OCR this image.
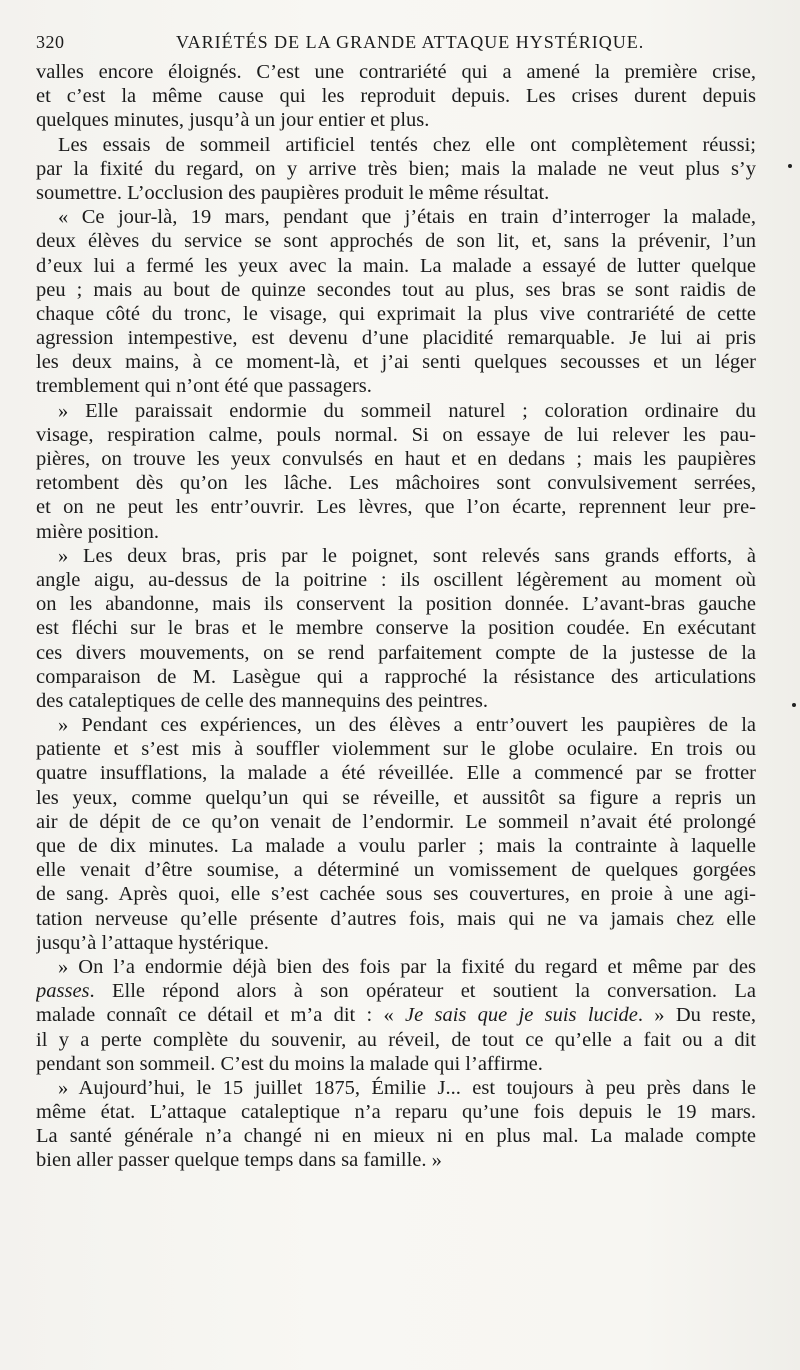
320	VARIÉTÉS DE LA GRANDE ATTAQUE HYSTÉRIQUE.
valles encore éloignés. C’est une contrariété qui a amené la première crise,
et c’est la même cause qui les reproduit depuis. Les crises durent depuis
quelques minutes, jusqu’à un jour entier et plus.
Les essais de sommeil artificiel tentés chez elle ont complètement réussi;
par la fixité du regard, on y arrive très bien; mais la malade ne veut plus s’y
soumettre. L’occlusion des paupières produit le même résultat.
« Ce jour-là, 19 mars, pendant que j’étais en train d’interroger la malade,
deux élèves du service se sont approchés de son lit, et, sans la prévenir, l’un
d’eux lui a fermé les yeux avec la main. La malade a essayé de lutter quelque
peu ; mais au bout de quinze secondes tout au plus, ses bras se sont raidis de
chaque côté du tronc, le visage, qui exprimait la plus vive contrariété de cette
agression intempestive, est devenu d’une placidité remarquable. Je lui ai pris
les deux mains, à ce moment-là, et j’ai senti quelques secousses et un léger
tremblement qui n’ont été que passagers.
» Elle paraissait endormie du sommeil naturel ; coloration ordinaire du
visage, respiration calme, pouls normal. Si on essaye de lui relever les pau-
pières, on trouve les yeux convulsés en haut et en dedans ; mais les paupières
retombent dès qu’on les lâche. Les mâchoires sont convulsivement serrées,
et on ne peut les entr’ouvrir. Les lèvres, que l’on écarte, reprennent leur pre-
mière position.
» Les deux bras, pris par le poignet, sont relevés sans grands efforts, à
angle aigu, au-dessus de la poitrine : ils oscillent légèrement au moment où
on les abandonne, mais ils conservent la position donnée. L’avant-bras gauche
est fléchi sur le bras et le membre conserve la position coudée. En exécutant
ces divers mouvements, on se rend parfaitement compte de la justesse de la
comparaison de M. Lasègue qui a rapproché la résistance des articulations
des cataleptiques de celle des mannequins des peintres.
» Pendant ces expériences, un des élèves a entr’ouvert les paupières de la
patiente et s’est mis à souffler violemment sur le globe oculaire. En trois ou
quatre insufflations, la malade a été réveillée. Elle a commencé par se frotter
les yeux, comme quelqu’un qui se réveille, et aussitôt sa figure a repris un
air de dépit de ce qu’on venait de l’endormir. Le sommeil n’avait été prolongé
que de dix minutes. La malade a voulu parler ; mais la contrainte à laquelle
elle venait d’être soumise, a déterminé un vomissement de quelques gorgées
de sang. Après quoi, elle s’est cachée sous ses couvertures, en proie à une agi-
tation nerveuse qu’elle présente d’autres fois, mais qui ne va jamais chez elle
jusqu’à l’attaque hystérique.
» On l’a endormie déjà bien des fois par la fixité du regard et même par des
passes. Elle répond alors à son opérateur et soutient la conversation. La
malade connaît ce détail et m’a dit : « Je sais que je suis lucide. » Du reste,
il y a perte complète du souvenir, au réveil, de tout ce qu’elle a fait ou a dit
pendant son sommeil. C’est du moins la malade qui l’affirme.
» Aujourd’hui, le 15 juillet 1875, Émilie J... est toujours à peu près dans le
même état. L’attaque cataleptique n’a reparu qu’une fois depuis le 19 mars.
La santé générale n’a changé ni en mieux ni en plus mal. La malade compte
bien aller passer quelque temps dans sa famille. »
